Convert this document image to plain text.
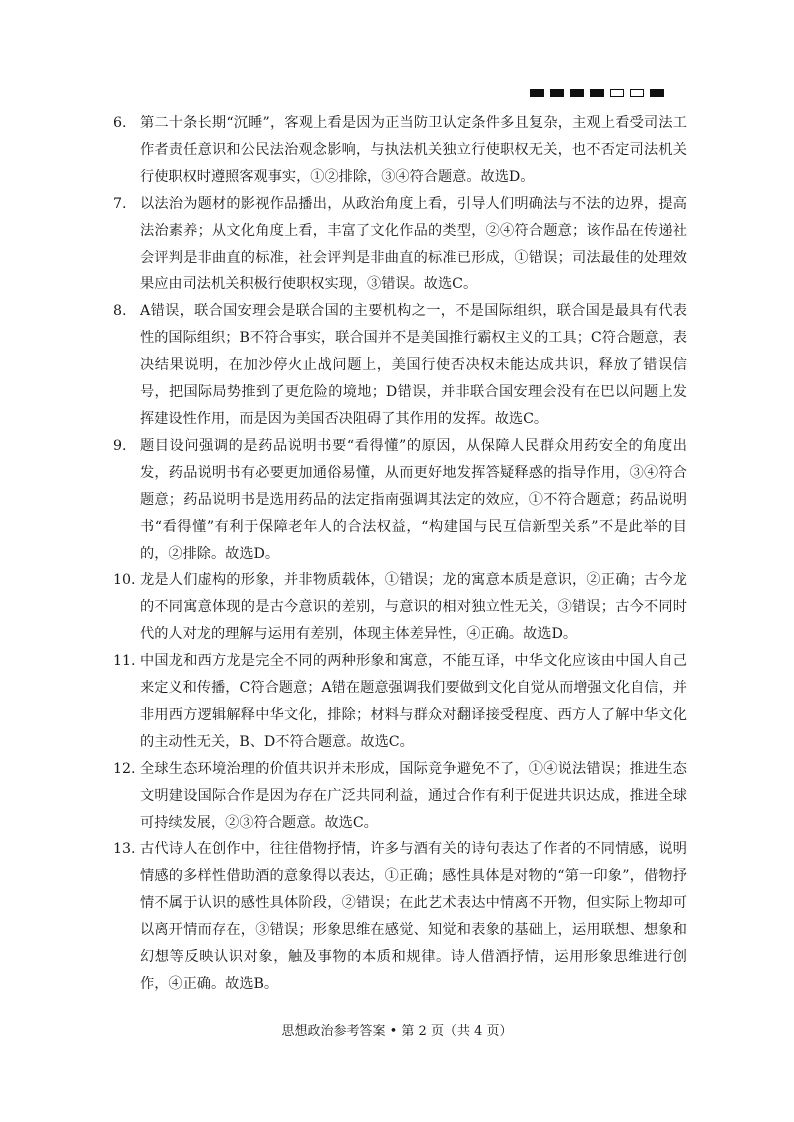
6. 第二十条长期“沉睡”，客观上看是因为正当防卫认定条件多且复杂，主观上看受司法工作者责任意识和公民法治观念影响，与执法机关独立行使职权无关，也不否定司法机关行使职权时遵照客观事实，①②排除，③④符合题意。故选D。

7. 以法治为题材的影视作品播出，从政治角度上看，引导人们明确法与不法的边界，提高法治素养；从文化角度上看，丰富了文化作品的类型，②④符合题意；该作品在传递社会评判是非曲直的标准，社会评判是非曲直的标准已形成，①错误；司法最佳的处理效果应由司法机关积极行使职权实现，③错误。故选C。

8. A错误，联合国安理会是联合国的主要机构之一，不是国际组织，联合国是最具有代表性的国际组织；B不符合事实，联合国并不是美国推行霸权主义的工具；C符合题意，表决结果说明，在加沙停火止战问题上，美国行使否决权未能达成共识，释放了错误信号，把国际局势推到了更危险的境地；D错误，并非联合国安理会没有在巴以问题上发挥建设性作用，而是因为美国否决阻碍了其作用的发挥。故选C。

9. 题目设问强调的是药品说明书要“看得懂”的原因，从保障人民群众用药安全的角度出发，药品说明书有必要更加通俗易懂，从而更好地发挥答疑释惑的指导作用，③④符合题意；药品说明书是选用药品的法定指南强调其法定的效应，①不符合题意；药品说明书“看得懂”有利于保障老年人的合法权益，“构建国与民互信新型关系”不是此举的目的，②排除。故选D。

10. 龙是人们虚构的形象，并非物质载体，①错误；龙的寓意本质是意识，②正确；古今龙的不同寓意体现的是古今意识的差别，与意识的相对独立性无关，③错误；古今不同时代的人对龙的理解与运用有差别，体现主体差异性，④正确。故选D。

11. 中国龙和西方龙是完全不同的两种形象和寓意，不能互译，中华文化应该由中国人自己来定义和传播，C符合题意；A错在题意强调我们要做到文化自觉从而增强文化自信，并非用西方逻辑解释中华文化，排除；材料与群众对翻译接受程度、西方人了解中华文化的主动性无关，B、D不符合题意。故选C。

12. 全球生态环境治理的价值共识并未形成，国际竞争避免不了，①④说法错误；推进生态文明建设国际合作是因为存在广泛共同利益，通过合作有利于促进共识达成，推进全球可持续发展，②③符合题意。故选C。

13. 古代诗人在创作中，往往借物抒情，许多与酒有关的诗句表达了作者的不同情感，说明情感的多样性借助酒的意象得以表达，①正确；感性具体是对物的“第一印象”，借物抒情不属于认识的感性具体阶段，②错误；在此艺术表达中情离不开物，但实际上物却可以离开情而存在，③错误；形象思维在感觉、知觉和表象的基础上，运用联想、想象和幻想等反映认识对象，触及事物的本质和规律。诗人借酒抒情，运用形象思维进行创作，④正确。故选B。

思想政治参考答案 • 第 2 页（共 4 页）
